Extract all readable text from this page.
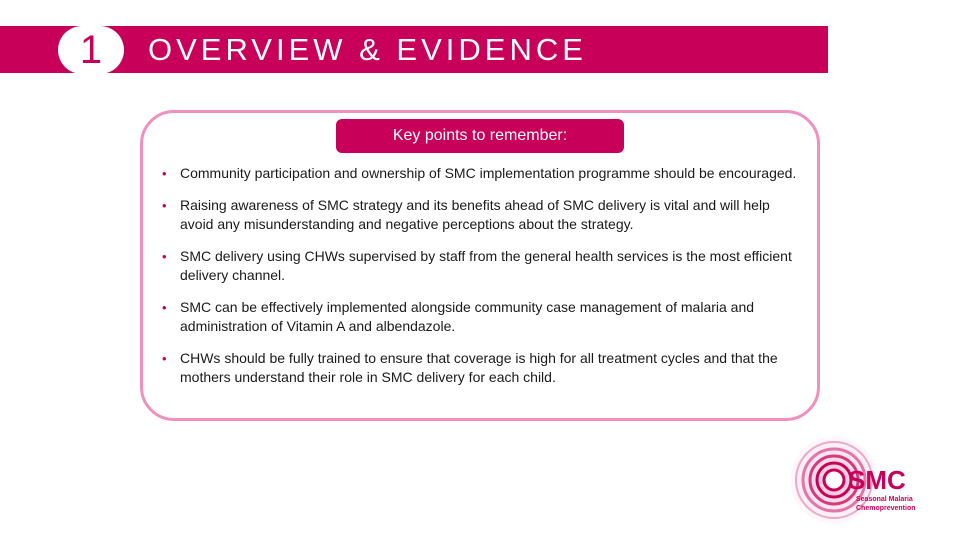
1	OVERVIEW & EVIDENCE
Key points to remember:
• Community participation and ownership of SMC implementation programme should be encouraged.
• Raising awareness of SMC strategy and its benefits ahead of SMC delivery is vital and will help avoid any misunderstanding and negative perceptions about the strategy.
• SMC delivery using CHWs supervised by staff from the general health services is the most efficient delivery channel.
• SMC can be effectively implemented alongside community case management of malaria and administration of Vitamin A and albendazole.
• CHWs should be fully trained to ensure that coverage is high for all treatment cycles and that the mothers understand their role in SMC delivery for each child.
SMC
Seasonal Malaria
Chemoprevention
